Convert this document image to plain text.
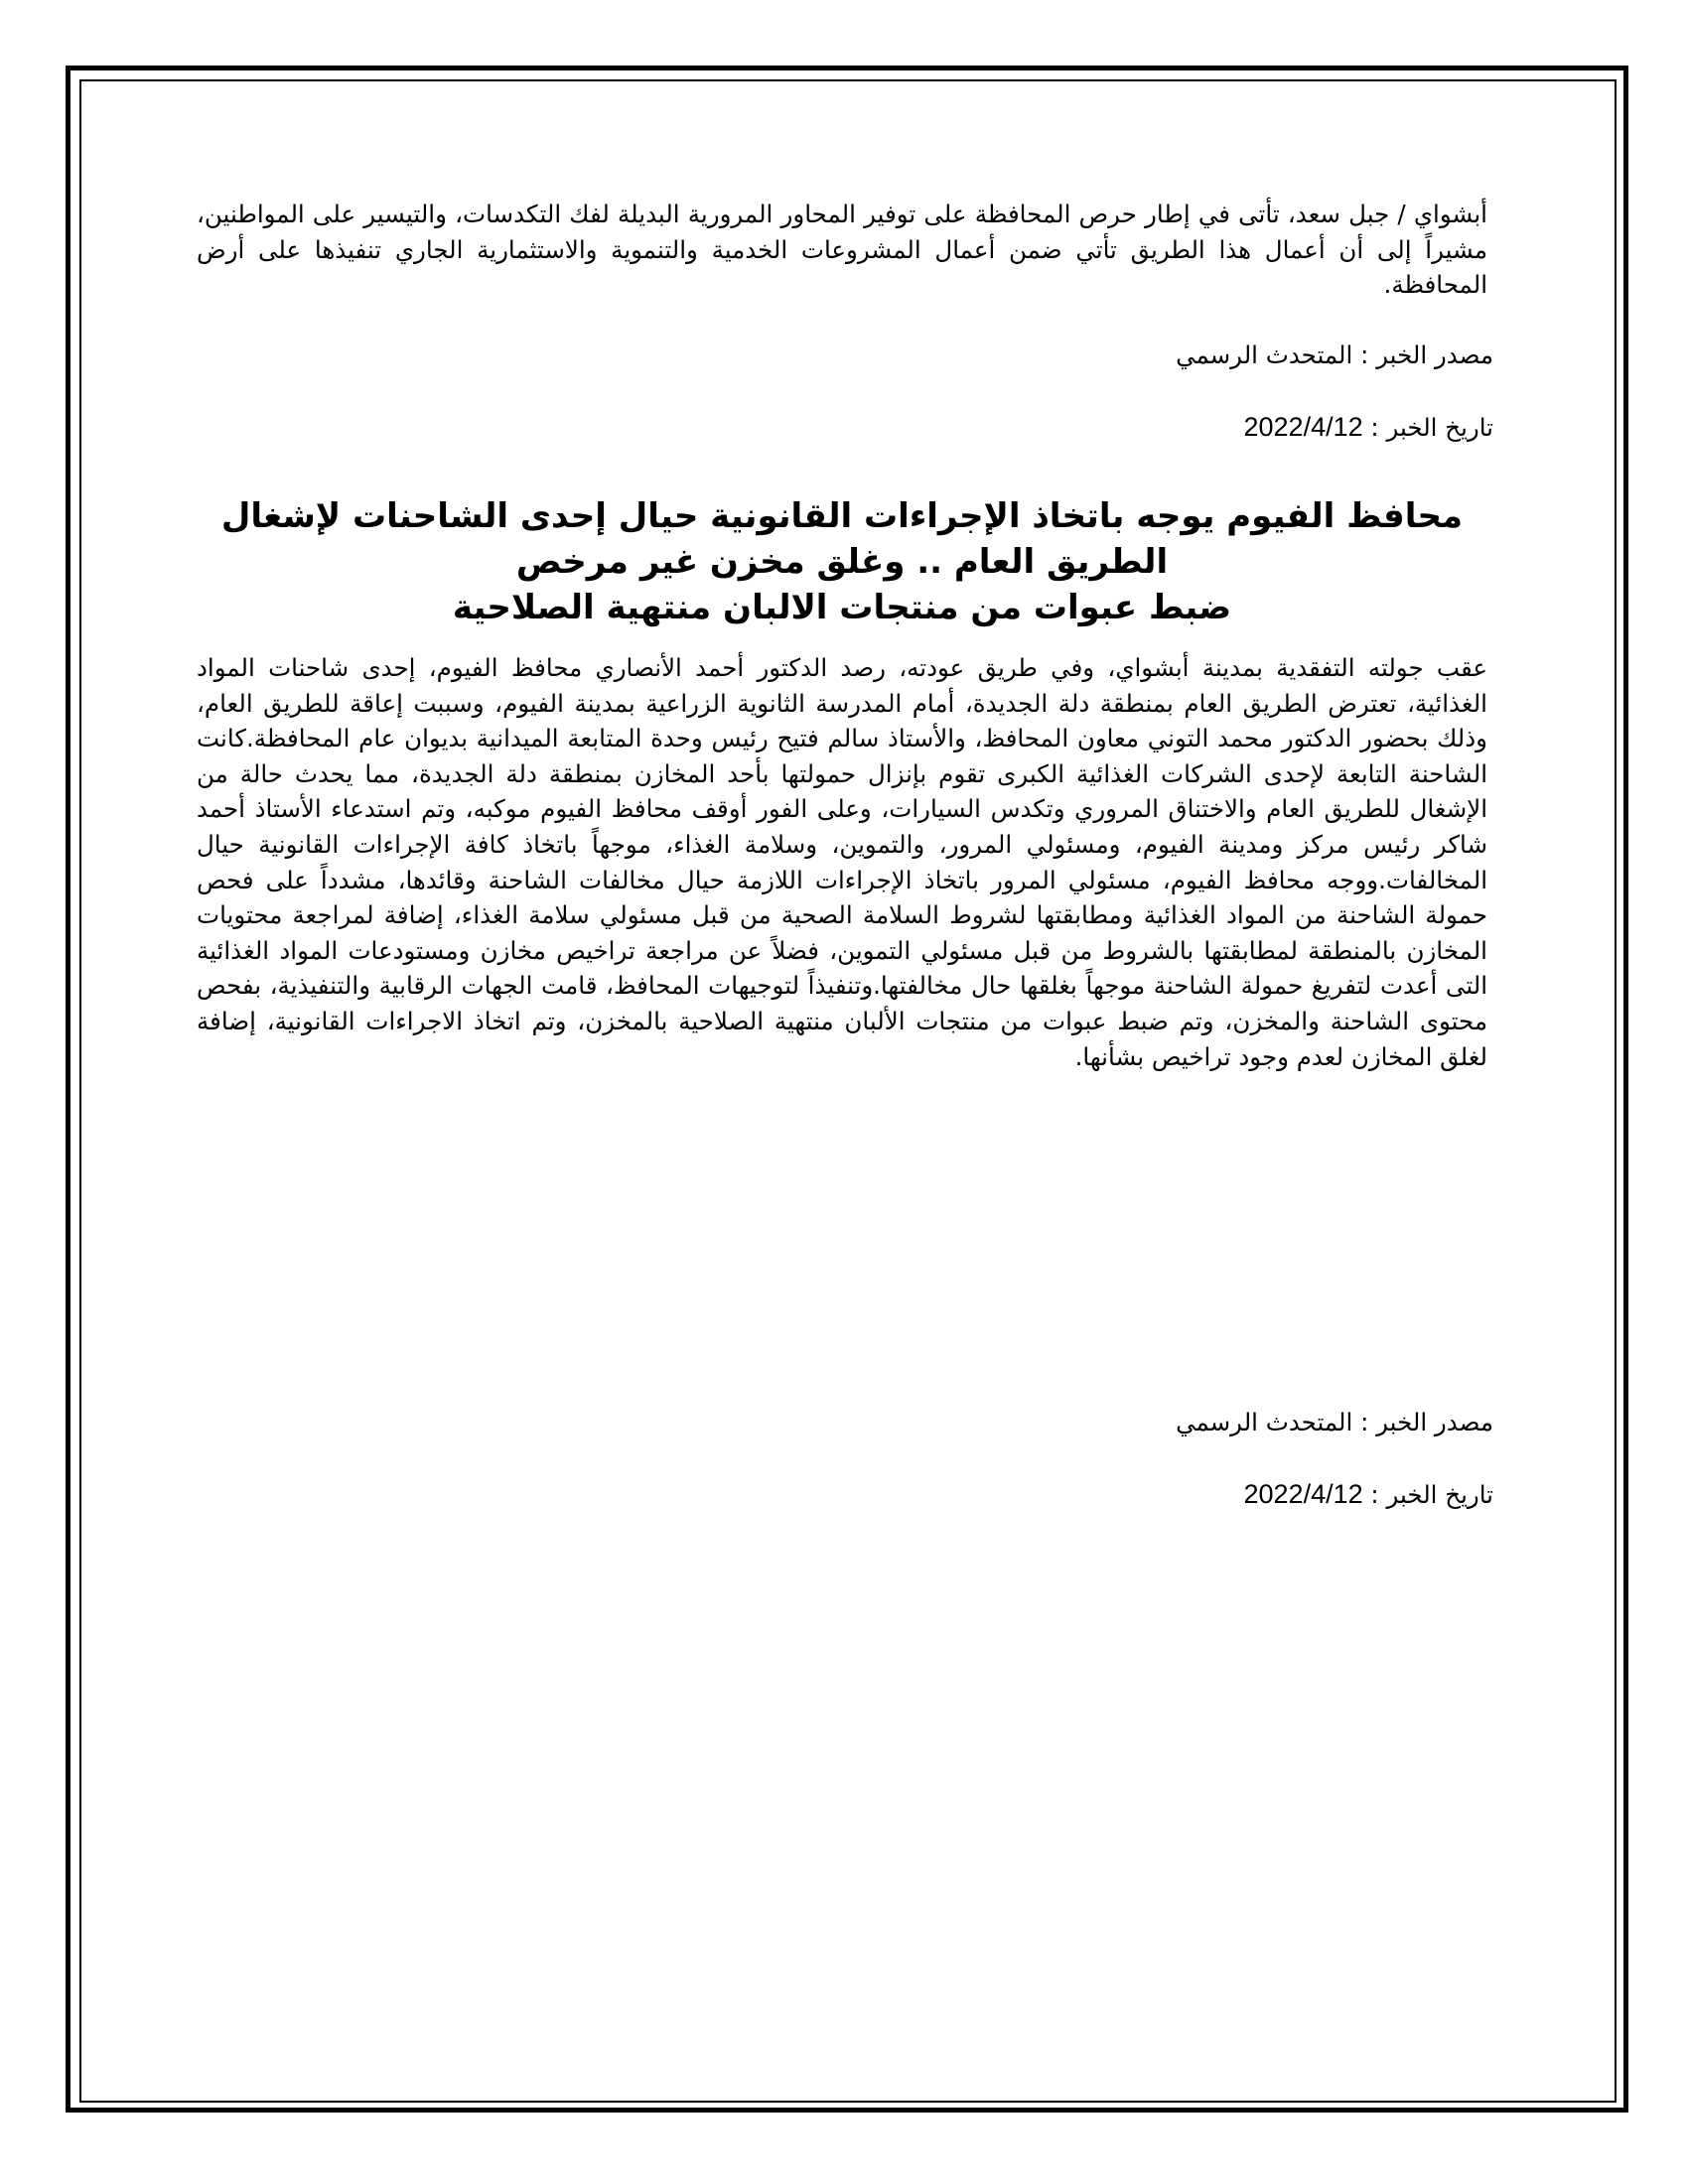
أبشواي / جبل سعد، تأتى في إطار حرص المحافظة على توفير المحاور المرورية البديلة لفك التكدسات، والتيسير على المواطنين، مشيراً إلى أن أعمال هذا الطريق تأتي ضمن أعمال المشروعات الخدمية والتنموية والاستثمارية الجاري تنفيذها على أرض المحافظة.

مصدر الخبر : المتحدث الرسمي

تاريخ الخبر : 2022/4/12

محافظ الفيوم يوجه باتخاذ الإجراءات القانونية حيال إحدى الشاحنات لإشغال
الطريق العام .. وغلق مخزن غير مرخص
ضبط عبوات من منتجات الالبان منتهية الصلاحية

عقب جولته التفقدية بمدينة أبشواي، وفي طريق عودته، رصد الدكتور أحمد الأنصاري محافظ الفيوم، إحدى شاحنات المواد الغذائية، تعترض الطريق العام بمنطقة دلة الجديدة، أمام المدرسة الثانوية الزراعية بمدينة الفيوم، وسببت إعاقة للطريق العام، وذلك بحضور الدكتور محمد التوني معاون المحافظ، والأستاذ سالم فتيح رئيس وحدة المتابعة الميدانية بديوان عام المحافظة.كانت الشاحنة التابعة لإحدى الشركات الغذائية الكبرى تقوم بإنزال حمولتها بأحد المخازن بمنطقة دلة الجديدة، مما يحدث حالة من الإشغال للطريق العام والاختناق المروري وتكدس السيارات، وعلى الفور أوقف محافظ الفيوم موكبه، وتم استدعاء الأستاذ أحمد شاكر رئيس مركز ومدينة الفيوم، ومسئولي المرور، والتموين، وسلامة الغذاء، موجهاً باتخاذ كافة الإجراءات القانونية حيال المخالفات.ووجه محافظ الفيوم، مسئولي المرور باتخاذ الإجراءات اللازمة حيال مخالفات الشاحنة وقائدها، مشدداً على فحص حمولة الشاحنة من المواد الغذائية ومطابقتها لشروط السلامة الصحية من قبل مسئولي سلامة الغذاء، إضافة لمراجعة محتويات المخازن بالمنطقة لمطابقتها بالشروط من قبل مسئولي التموين، فضلاً عن مراجعة تراخيص مخازن ومستودعات المواد الغذائية التى أعدت لتفريغ حمولة الشاحنة موجهاً بغلقها حال مخالفتها.وتنفيذاً لتوجيهات المحافظ، قامت الجهات الرقابية والتنفيذية، بفحص محتوى الشاحنة والمخزن، وتم ضبط عبوات من منتجات الألبان منتهية الصلاحية بالمخزن، وتم اتخاذ الاجراءات القانونية، إضافة لغلق المخازن لعدم وجود تراخيص بشأنها.

مصدر الخبر : المتحدث الرسمي

تاريخ الخبر : 2022/4/12
